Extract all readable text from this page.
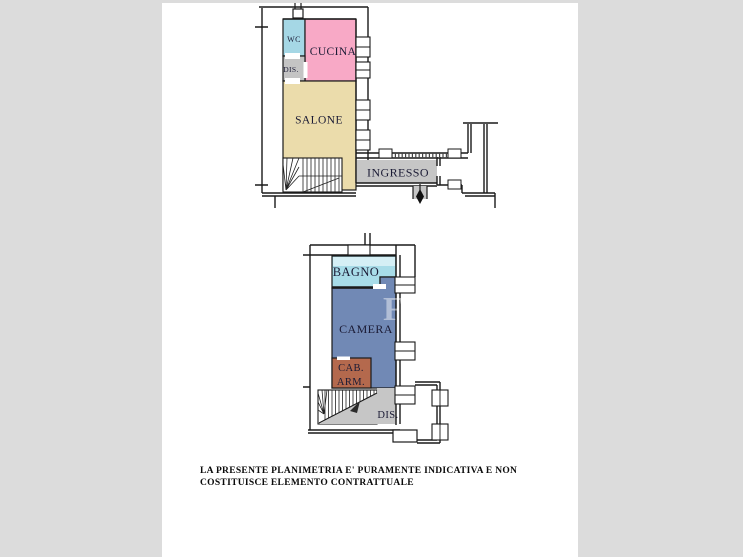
WC
CUCINA
DIS.
SALONE
INGRESSO
F
BAGNO
CAMERA
CAB.
ARM.
DIS.
LA PRESENTE PLANIMETRIA E' PURAMENTE INDICATIVA E NON
COSTITUISCE ELEMENTO CONTRATTUALE
